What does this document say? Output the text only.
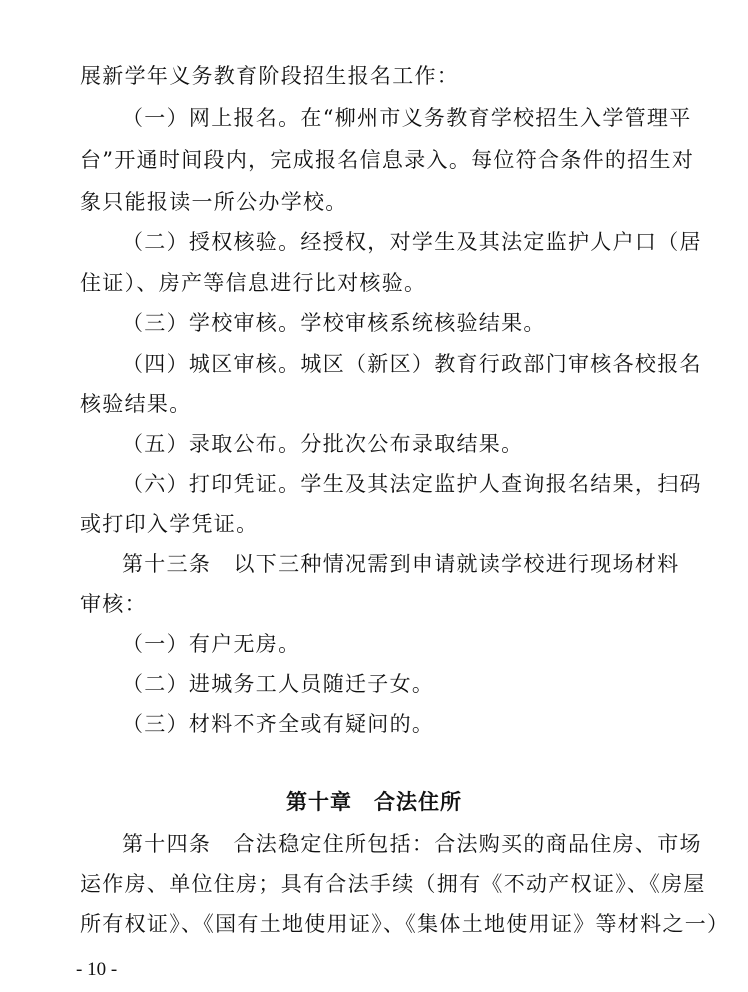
展新学年义务教育阶段招生报名工作：
（一）网上报名。在“柳州市义务教育学校招生入学管理平
台”开通时间段内，完成报名信息录入。每位符合条件的招生对
象只能报读一所公办学校。
（二）授权核验。经授权，对学生及其法定监护人户口（居
住证）、房产等信息进行比对核验。
（三）学校审核。学校审核系统核验结果。
（四）城区审核。城区（新区）教育行政部门审核各校报名
核验结果。
（五）录取公布。分批次公布录取结果。
（六）打印凭证。学生及其法定监护人查询报名结果，扫码
或打印入学凭证。
第十三条　以下三种情况需到申请就读学校进行现场材料
审核：
（一）有户无房。
（二）进城务工人员随迁子女。
（三）材料不齐全或有疑问的。
第十章　合法住所
第十四条　合法稳定住所包括：合法购买的商品住房、市场
运作房、单位住房；具有合法手续（拥有《不动产权证》、《房屋
所有权证》、《国有土地使用证》、《集体土地使用证》等材料之一）
- 10 -
